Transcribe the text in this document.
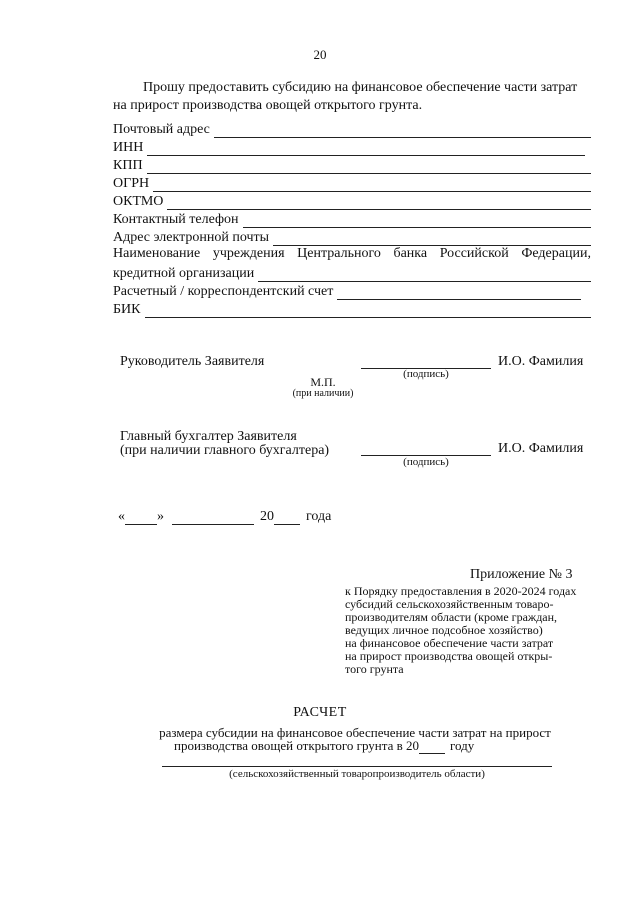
20
Прошу предоставить субсидию на финансовое обеспечение части затрат
на прирост производства овощей открытого грунта.
Почтовый адрес
ИНН
КПП
ОГРН
ОКТМО
Контактный телефон
Адрес электронной почты
Наименование учреждения Центрального банка Российской Федерации,
кредитной организации
Расчетный / корреспондентский счет
БИК
Руководитель Заявителя
(подпись)
И.О. Фамилия
М.П.
(при наличии)
Главный бухгалтер Заявителя
(при наличии главного бухгалтера)
(подпись)
И.О. Фамилия
« »	20 года
Приложение № 3
к Порядку предоставления в 2020-2024 годах
субсидий сельскохозяйственным товаро-
производителям области (кроме граждан,
ведущих личное подсобное хозяйство)
на финансовое обеспечение части затрат
на прирост производства овощей откры-
того грунта
РАСЧЕТ
размера субсидии на финансовое обеспечение части затрат на прирост
производства овощей открытого грунта в 20 году
(сельскохозяйственный товаропроизводитель области)
